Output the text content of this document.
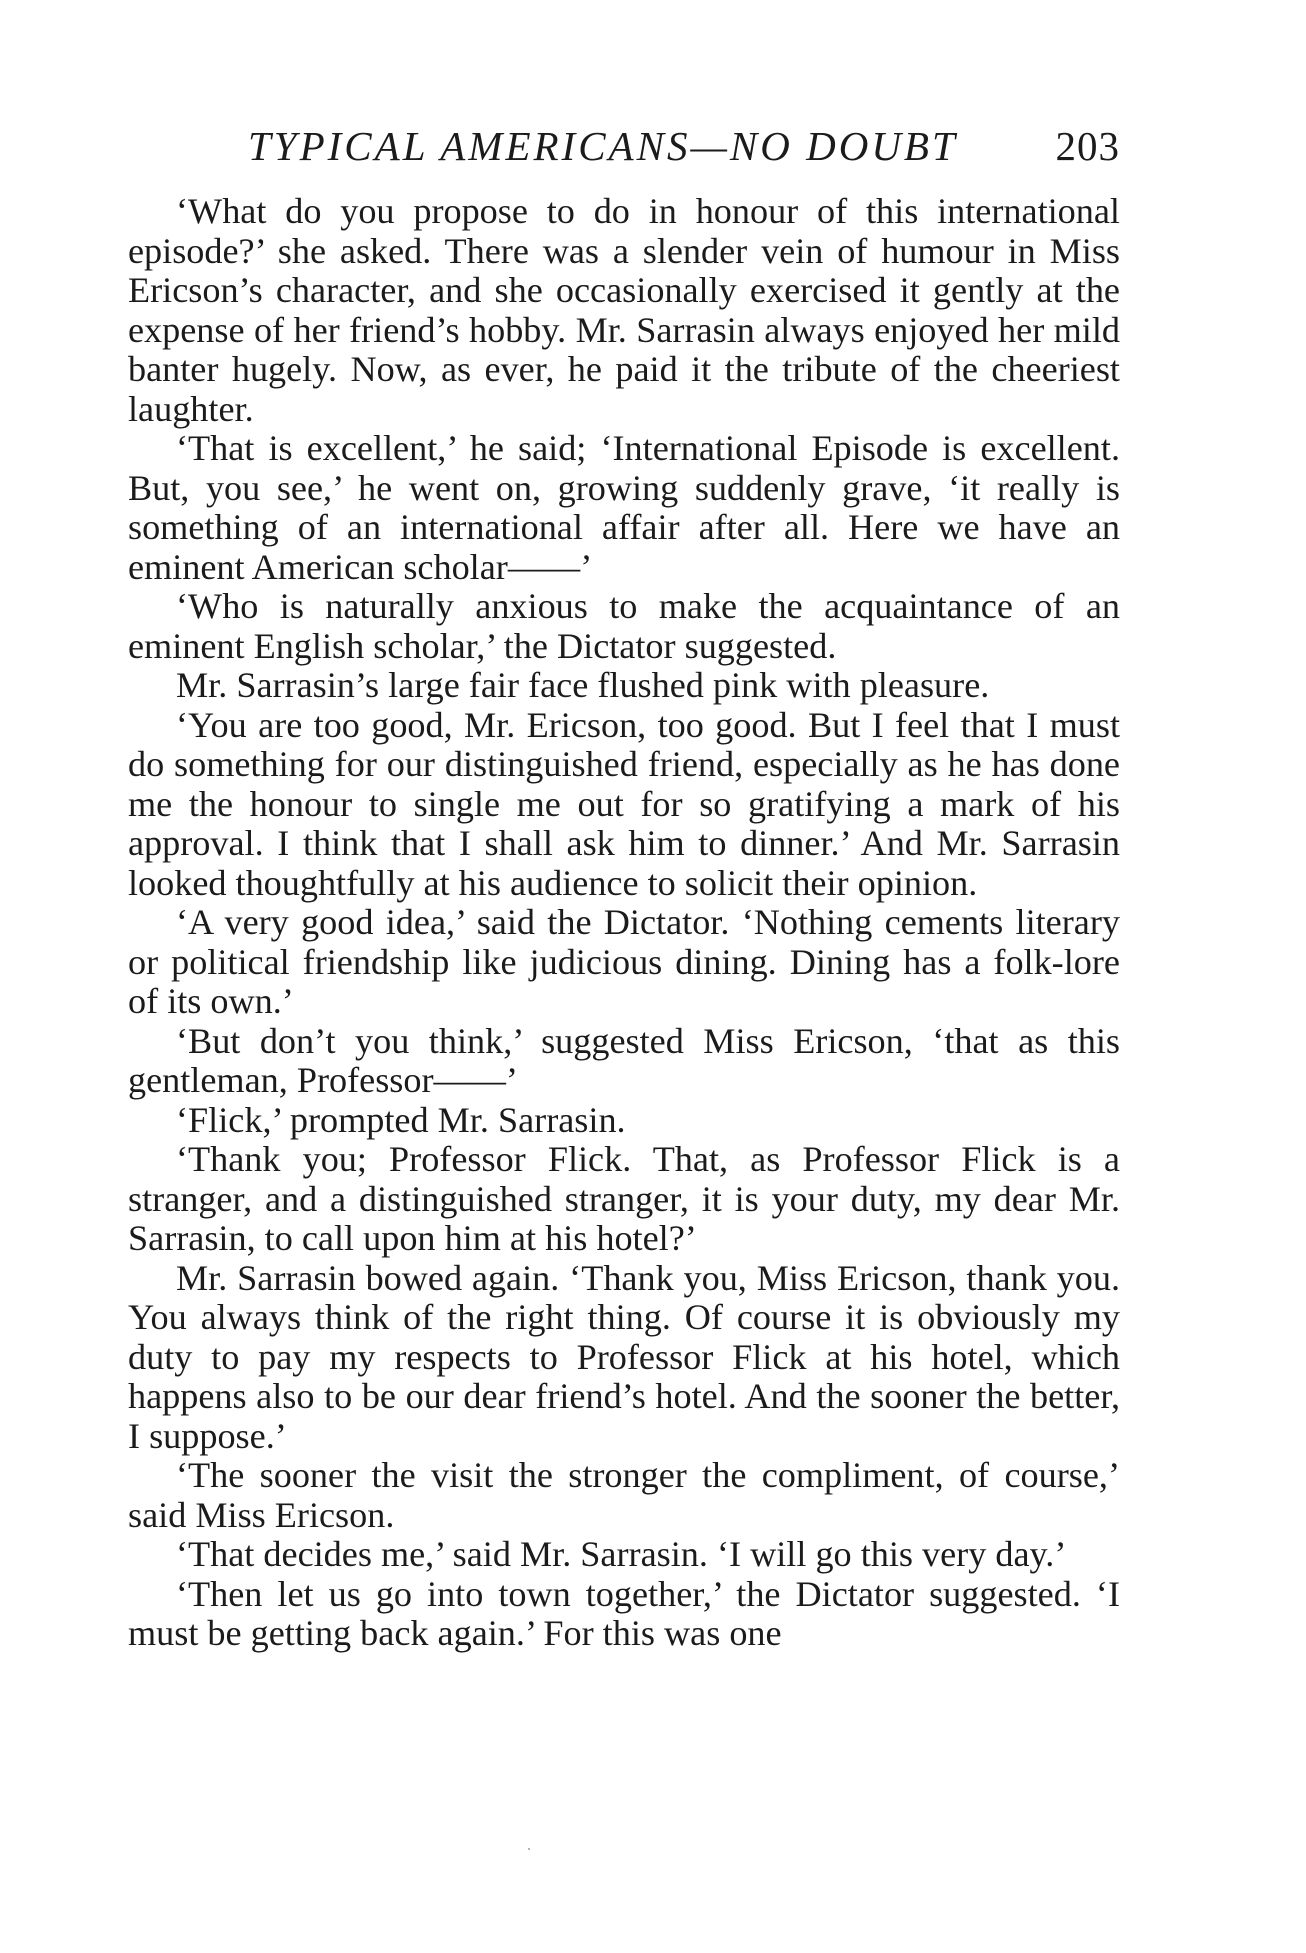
TYPICAL AMERICANS—NO DOUBT 203

‘What do you propose to do in honour of this international episode?’ she asked. There was a slender vein of humour in Miss Ericson’s character, and she occasionally exercised it gently at the expense of her friend’s hobby. Mr. Sarrasin always enjoyed her mild banter hugely. Now, as ever, he paid it the tribute of the cheeriest laughter.

‘That is excellent,’ he said; ‘International Episode is excellent. But, you see,’ he went on, growing suddenly grave, ‘it really is something of an international affair after all. Here we have an eminent American scholar——’

‘Who is naturally anxious to make the acquaintance of an eminent English scholar,’ the Dictator suggested.

Mr. Sarrasin’s large fair face flushed pink with pleasure.

‘You are too good, Mr. Ericson, too good. But I feel that I must do something for our distinguished friend, especially as he has done me the honour to single me out for so gratifying a mark of his approval. I think that I shall ask him to dinner.’ And Mr. Sarrasin looked thoughtfully at his audience to solicit their opinion.

‘A very good idea,’ said the Dictator. ‘Nothing cements literary or political friendship like judicious dining. Dining has a folk-lore of its own.’

‘But don’t you think,’ suggested Miss Ericson, ‘that as this gentleman, Professor——’

‘Flick,’ prompted Mr. Sarrasin.

‘Thank you; Professor Flick. That, as Professor Flick is a stranger, and a distinguished stranger, it is your duty, my dear Mr. Sarrasin, to call upon him at his hotel?’

Mr. Sarrasin bowed again. ‘Thank you, Miss Ericson, thank you. You always think of the right thing. Of course it is obviously my duty to pay my respects to Professor Flick at his hotel, which happens also to be our dear friend’s hotel. And the sooner the better, I suppose.’

‘The sooner the visit the stronger the compliment, of course,’ said Miss Ericson.

‘That decides me,’ said Mr. Sarrasin. ‘I will go this very day.’

‘Then let us go into town together,’ the Dictator suggested. ‘I must be getting back again.’ For this was one
